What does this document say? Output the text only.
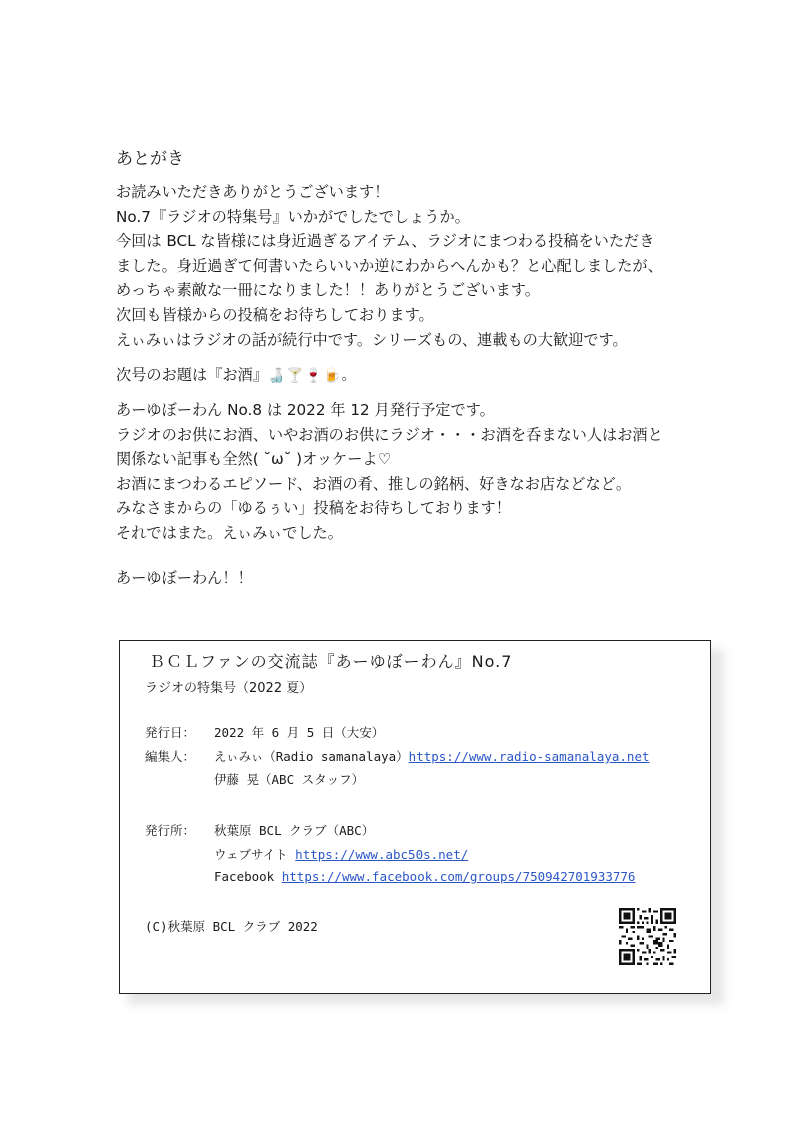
あとがき

お読みいただきありがとうございます！

No.7『ラジオの特集号』いかがでしたでしょうか。

今回は BCL な皆様には身近過ぎるアイテム、ラジオにまつわる投稿をいただき

ました。身近過ぎて何書いたらいいか逆にわからへんかも？と心配しましたが、

めっちゃ素敵な一冊になりました！！ありがとうございます。

次回も皆様からの投稿をお待ちしております。

えぃみぃはラジオの話が続行中です。シリーズもの、連載もの大歓迎です。

次号のお題は『お酒』🍶🍸🍷🍺。

あーゆぼーわん No.8 は 2022 年 12 月発行予定です。

ラジオのお供にお酒、いやお酒のお供にラジオ・・・お酒を呑まない人はお酒と

関係ない記事も全然( ˘ω˘ )オッケーよ♡

お酒にまつわるエピソード、お酒の肴、推しの銘柄、好きなお店などなど。

みなさまからの「ゆるぅい」投稿をお待ちしております！

それではまた。えぃみぃでした。

あーゆぼーわん！！

ＢＣＬファンの交流誌『あーゆぼーわん』No.7
ラジオの特集号（2022 夏）
発行日： 2022 年 6 月 5 日（大安）
編集人： えぃみぃ（Radio samanalaya）https://www.radio-samanalaya.net
伊藤 晃（ABC スタッフ）
発行所： 秋葉原 BCL クラブ（ABC）
ウェブサイト https://www.abc50s.net/
Facebook https://www.facebook.com/groups/750942701933776
(C)秋葉原 BCL クラブ 2022
